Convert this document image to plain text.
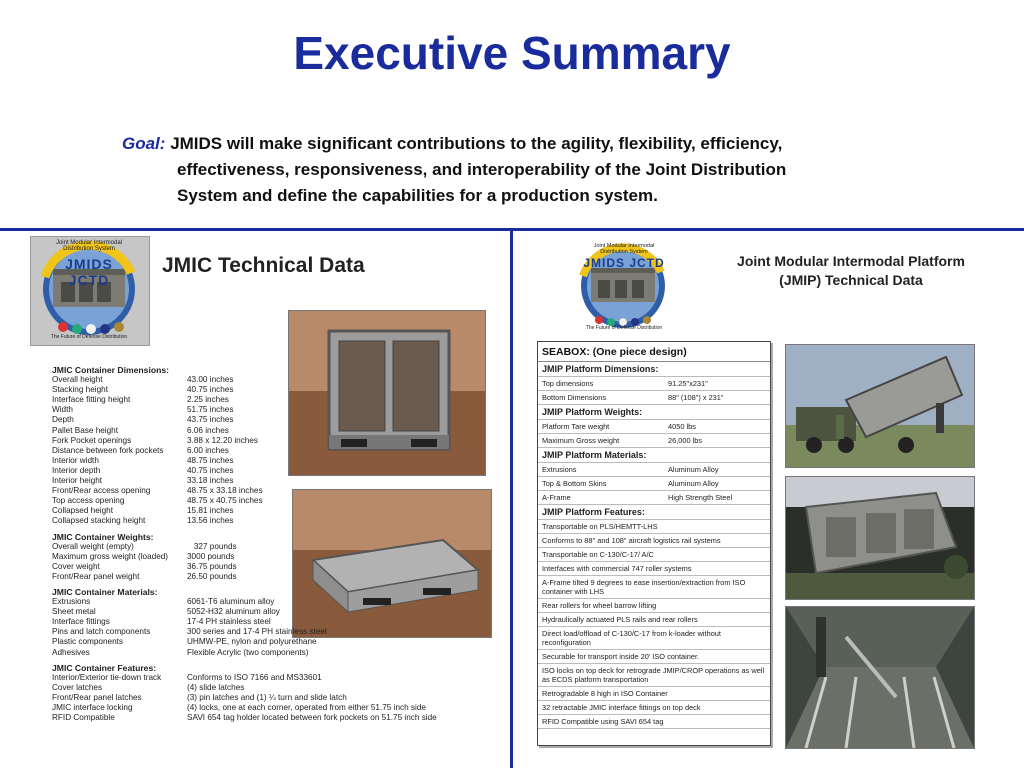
Executive Summary
Goal: JMIDS will make significant contributions to the agility, flexibility, efficiency,
effectiveness, responsiveness, and interoperability of the Joint Distribution
System and define the capabilities for a production system.
Joint Modular Intermodal Distribution System
JMIDS JCTD
The Future of Defense Distribution
JMIC Technical Data
JMIC Container Dimensions:
Overall height	43.00 inches
Stacking height	40.75 inches
Interface fitting height	2.25 inches
Width	51.75 inches
Depth	43.75 inches
Pallet Base height	6.06 inches
Fork Pocket openings	3.88 x 12.20 inches
Distance between fork pockets	6.00 inches
Interior width	48.75 inches
Interior depth	40.75 inches
Interior height	33.18 inches
Front/Rear access opening	48.75 x 33.18 inches
Top access opening	48.75 x 40.75 inches
Collapsed height	15.81 inches
Collapsed stacking height	13.56 inches
JMIC Container Weights:
Overall weight (empty)	327 pounds
Maximum gross weight (loaded)	3000 pounds
Cover weight	36.75 pounds
Front/Rear panel weight	26.50 pounds
JMIC Container Materials:
Extrusions	6061-T6 aluminum alloy
Sheet metal	5052-H32 aluminum alloy
Interface fittings	17-4 PH stainless steel
Pins and latch components	300 series and 17-4 PH stainless steel
Plastic components	UHMW-PE, nylon and polyurethane
Adhesives	Flexible Acrylic (two components)
JMIC Container Features:
Interior/Exterior tie-down track	Conforms to ISO 7166 and MS33601
Cover latches	(4) slide latches
Front/Rear panel latches	(3) pin latches and (1) ¼ turn and slide latch
JMIC interface locking	(4) locks, one at each corner, operated from either 51.75 inch side
RFID Compatible	SAVI 654 tag holder located between fork pockets on 51.75 inch side
Joint Modular Intermodal Distribution System
JMIDS JCTD
The Future of Defense Distribution
Joint Modular Intermodal Platform
(JMIP) Technical Data
SEABOX: (One piece design)
JMIP Platform Dimensions:
Top dimensions	91.25"x231"
Bottom Dimensions	88" (108") x 231"
JMIP Platform Weights:
Platform Tare weight	4050 lbs
Maximum Gross weight	26,000 lbs
JMIP Platform Materials:
Extrusions	Aluminum Alloy
Top & Bottom Skins	Aluminum Alloy
A-Frame	High Strength Steel
JMIP Platform Features:
Transportable on PLS/HEMTT-LHS
Conforms to 88" and 108" aircraft logistics rail systems
Transportable on C-130/C-17/ A/C
Interfaces with commercial 747 roller systems
A-Frame tilted 9 degrees to ease insertion/extraction from ISO container with LHS
Rear rollers for wheel barrow lifting
Hydraulically actuated PLS rails and rear rollers
Direct load/offload of C-130/C-17 from k-loader without reconfiguration
Securable for transport inside 20' ISO container.
ISO locks on top deck for retrograde JMIP/CROP operations as well as ECDS platform transportation
Retrogradable 8 high in ISO Container
32 retractable JMIC interface fittings on top deck
RFID Compatible using SAVI 654 tag
